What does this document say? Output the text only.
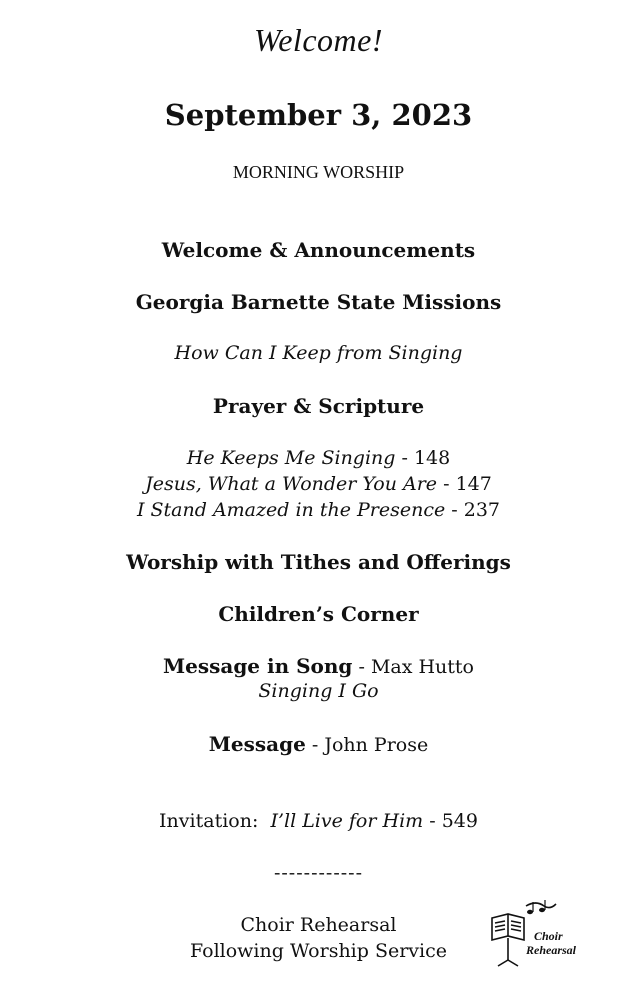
Welcome!
September 3, 2023
MORNING WORSHIP
Welcome & Announcements
Georgia Barnette State Missions
How Can I Keep from Singing
Prayer & Scripture
He Keeps Me Singing - 148
Jesus, What a Wonder You Are - 147
I Stand Amazed in the Presence - 237
Worship with Tithes and Offerings
Children’s Corner
Message in Song - Max Hutto
Singing I Go
Message - John Prose
Invitation: I’ll Live for Him - 549
------------
Choir Rehearsal
Following Worship Service
Choir
Rehearsal
